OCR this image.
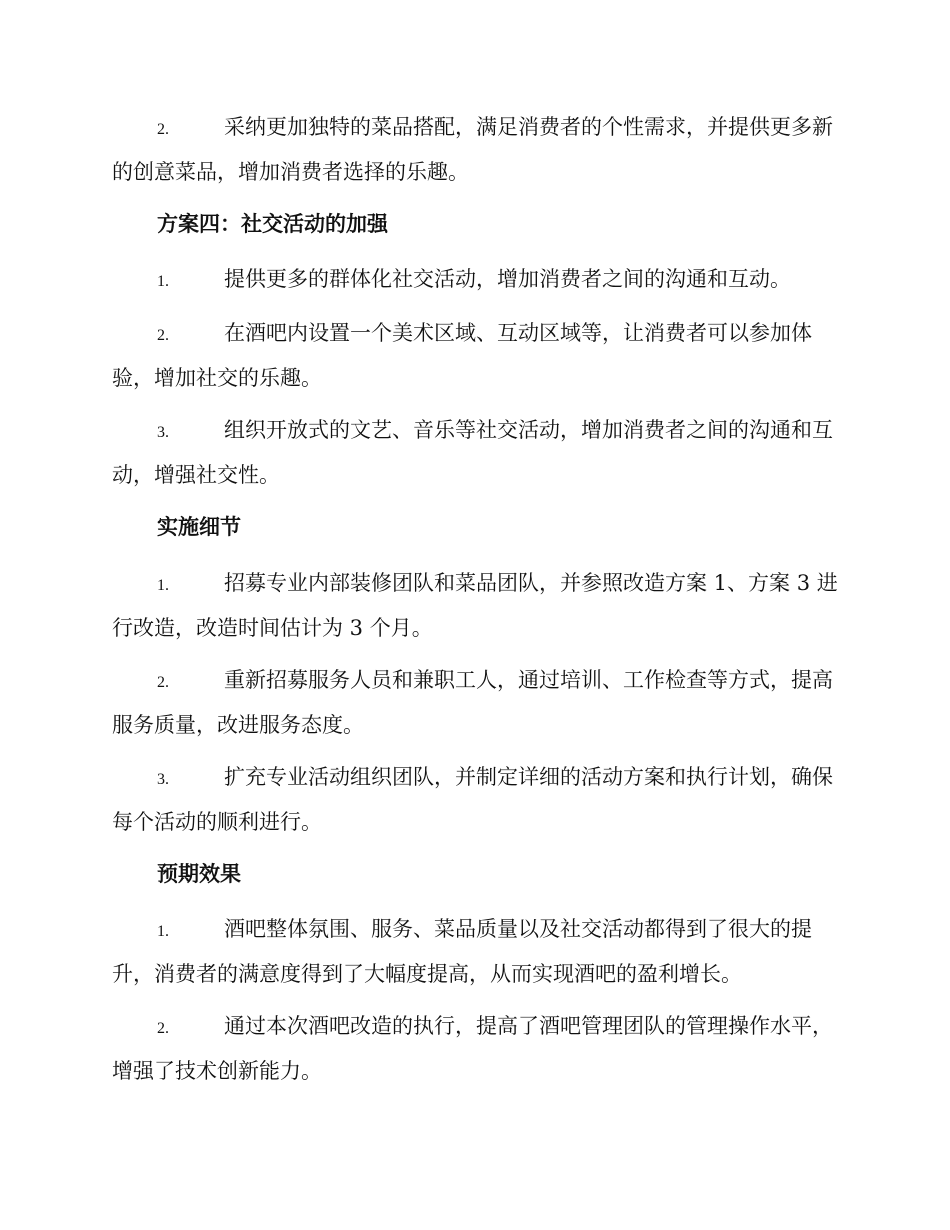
2.	采纳更加独特的菜品搭配，满足消费者的个性需求，并提供更多新的创意菜品，增加消费者选择的乐趣。
方案四：社交活动的加强
1.	提供更多的群体化社交活动，增加消费者之间的沟通和互动。
2.	在酒吧内设置一个美术区域、互动区域等，让消费者可以参加体验，增加社交的乐趣。
3.	组织开放式的文艺、音乐等社交活动，增加消费者之间的沟通和互动，增强社交性。
实施细节
1.	招募专业内部装修团队和菜品团队，并参照改造方案 1、方案 3 进行改造，改造时间估计为 3 个月。
2.	重新招募服务人员和兼职工人，通过培训、工作检查等方式，提高服务质量，改进服务态度。
3.	扩充专业活动组织团队，并制定详细的活动方案和执行计划，确保每个活动的顺利进行。
预期效果
1.	酒吧整体氛围、服务、菜品质量以及社交活动都得到了很大的提升，消费者的满意度得到了大幅度提高，从而实现酒吧的盈利增长。
2.	通过本次酒吧改造的执行，提高了酒吧管理团队的管理操作水平，增强了技术创新能力。
